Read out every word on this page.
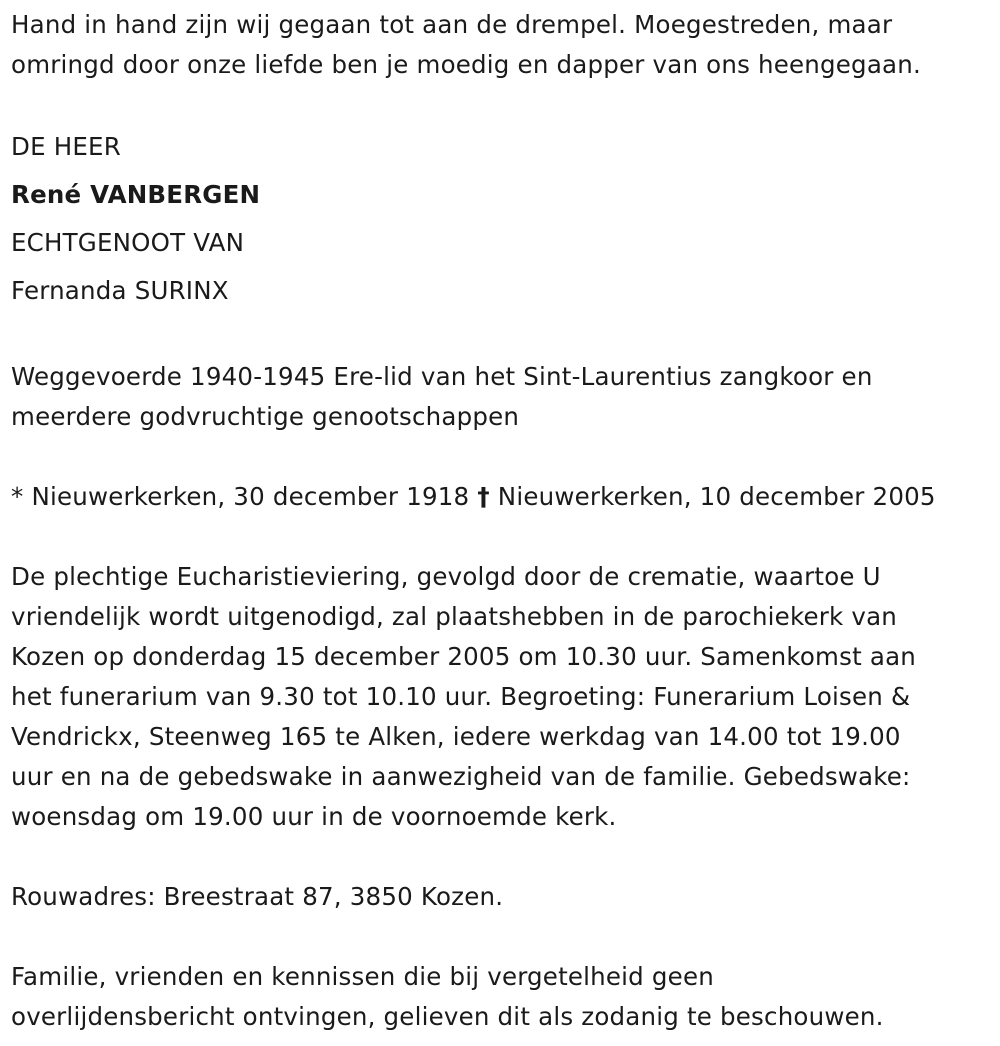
Hand in hand zijn wij gegaan tot aan de drempel. Moegestreden, maar
omringd door onze liefde ben je moedig en dapper van ons heengegaan.
DE HEER
René VANBERGEN
ECHTGENOOT VAN
Fernanda SURINX
Weggevoerde 1940-1945 Ere-lid van het Sint-Laurentius zangkoor en
meerdere godvruchtige genootschappen
* Nieuwerkerken, 30 december 1918 † Nieuwerkerken, 10 december 2005
De plechtige Eucharistieviering, gevolgd door de crematie, waartoe U
vriendelijk wordt uitgenodigd, zal plaatshebben in de parochiekerk van
Kozen op donderdag 15 december 2005 om 10.30 uur. Samenkomst aan
het funerarium van 9.30 tot 10.10 uur. Begroeting: Funerarium Loisen &
Vendrickx, Steenweg 165 te Alken, iedere werkdag van 14.00 tot 19.00
uur en na de gebedswake in aanwezigheid van de familie. Gebedswake:
woensdag om 19.00 uur in de voornoemde kerk.
Rouwadres: Breestraat 87, 3850 Kozen.
Familie, vrienden en kennissen die bij vergetelheid geen
overlijdensbericht ontvingen, gelieven dit als zodanig te beschouwen.
